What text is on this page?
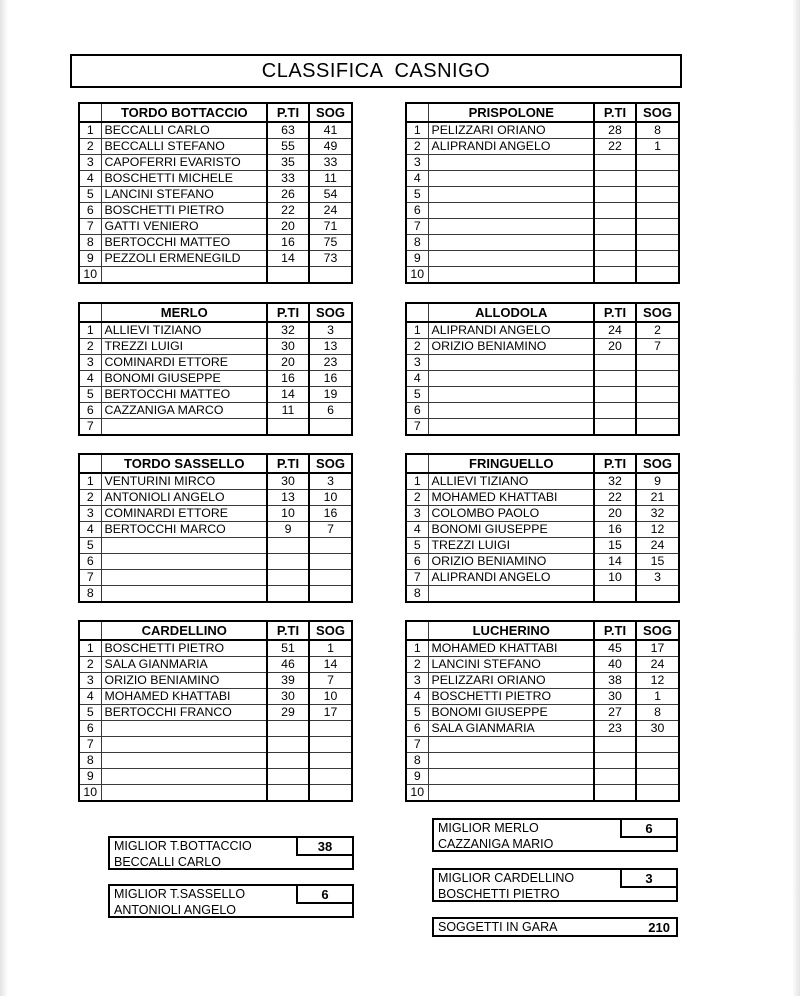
CLASSIFICA  CASNIGO
	TORDO BOTTACCIO	P.TI	SOG
1	BECCALLI CARLO	63	41
2	BECCALLI STEFANO	55	49
3	CAPOFERRI EVARISTO	35	33
4	BOSCHETTI MICHELE	33	11
5	LANCINI STEFANO	26	54
6	BOSCHETTI PIETRO	22	24
7	GATTI VENIERO	20	71
8	BERTOCCHI MATTEO	16	75
9	PEZZOLI ERMENEGILD	14	73
10			
	PRISPOLONE	P.TI	SOG
1	PELIZZARI ORIANO	28	8
2	ALIPRANDI ANGELO	22	1
3			
4			
5			
6			
7			
8			
9			
10			
	MERLO	P.TI	SOG
1	ALLIEVI TIZIANO	32	3
2	TREZZI LUIGI	30	13
3	COMINARDI ETTORE	20	23
4	BONOMI GIUSEPPE	16	16
5	BERTOCCHI MATTEO	14	19
6	CAZZANIGA MARCO	11	6
7			
	ALLODOLA	P.TI	SOG
1	ALIPRANDI ANGELO	24	2
2	ORIZIO BENIAMINO	20	7
3			
4			
5			
6			
7			
	TORDO SASSELLO	P.TI	SOG
1	VENTURINI MIRCO	30	3
2	ANTONIOLI ANGELO	13	10
3	COMINARDI ETTORE	10	16
4	BERTOCCHI MARCO	9	7
5			
6			
7			
8			
	FRINGUELLO	P.TI	SOG
1	ALLIEVI TIZIANO	32	9
2	MOHAMED KHATTABI	22	21
3	COLOMBO PAOLO	20	32
4	BONOMI GIUSEPPE	16	12
5	TREZZI LUIGI	15	24
6	ORIZIO BENIAMINO	14	15
7	ALIPRANDI ANGELO	10	3
8			
	CARDELLINO	P.TI	SOG
1	BOSCHETTI PIETRO	51	1
2	SALA GIANMARIA	46	14
3	ORIZIO BENIAMINO	39	7
4	MOHAMED KHATTABI	30	10
5	BERTOCCHI FRANCO	29	17
6			
7			
8			
9			
10			
	LUCHERINO	P.TI	SOG
1	MOHAMED KHATTABI	45	17
2	LANCINI STEFANO	40	24
3	PELIZZARI ORIANO	38	12
4	BOSCHETTI PIETRO	30	1
5	BONOMI GIUSEPPE	27	8
6	SALA GIANMARIA	23	30
7			
8			
9			
10			
MIGLIOR T.BOTTACCIO	38
BECCALLI CARLO
MIGLIOR T.SASSELLO	6
ANTONIOLI ANGELO
MIGLIOR MERLO	6
CAZZANIGA MARIO
MIGLIOR CARDELLINO	3
BOSCHETTI PIETRO
SOGGETTI IN GARA	210
